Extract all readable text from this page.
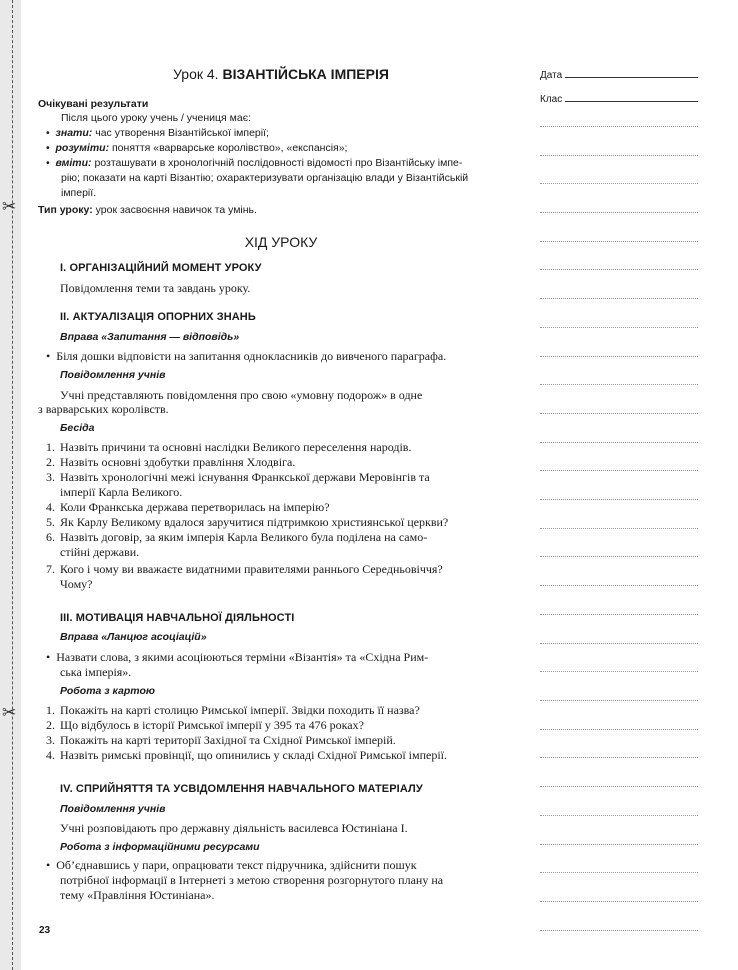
✂
✂
Урок 4. ВІЗАНТІЙСЬКА ІМПЕРІЯ
Очікувані результати
Після цього уроку учень / учениця має:
•  знати: час утворення Візантійської імперії;
•  розуміти: поняття «варварське королівство», «експансія»;
•  вміти: розташувати в хронологічній послідовності відомості про Візантійську імпе-
рію; показати на карті Візантію; охарактеризувати організацію влади у Візантійській
імперії.
Тип уроку: урок засвоєння навичок та умінь.
ХІД УРОКУ
I. ОРГАНІЗАЦІЙНИЙ МОМЕНТ УРОКУ
Повідомлення теми та завдань уроку.
II. АКТУАЛІЗАЦІЯ ОПОРНИХ ЗНАНЬ
Вправа «Запитання — відповідь»
•  Біля дошки відповісти на запитання однокласників до вивченого параграфа.
Повідомлення учнів
Учні представляють повідомлення про свою «умовну подорож» в одне
з варварських королівств.
Бесіда
1. Назвіть причини та основні наслідки Великого переселення народів.
2. Назвіть основні здобутки правління Хлодвіга.
3. Назвіть хронологічні межі існування Франкської держави Меровінгів та
імперії Карла Великого.
4. Коли Франкська держава перетворилась на імперію?
5. Як Карлу Великому вдалося заручитися підтримкою християнської церкви?
6. Назвіть договір, за яким імперія Карла Великого була поділена на само-
стійні держави.
7. Кого і чому ви вважаєте видатними правителями раннього Середньовіччя?
Чому?
III. МОТИВАЦІЯ НАВЧАЛЬНОЇ ДІЯЛЬНОСТІ
Вправа «Ланцюг асоціацій»
•  Назвати слова, з якими асоціюються терміни «Візантія» та «Східна Рим-
ська імперія».
Робота з картою
1. Покажіть на карті столицю Римської імперії. Звідки походить її назва?
2. Що відбулось в історії Римської імперії у 395 та 476 роках?
3. Покажіть на карті території Західної та Східної Римської імперій.
4. Назвіть римські провінції, що опинились у складі Східної Римської імперії.
IV. СПРИЙНЯТТЯ ТА УСВІДОМЛЕННЯ НАВЧАЛЬНОГО МАТЕРІАЛУ
Повідомлення учнів
Учні розповідають про державну діяльність василевса Юстиніана I.
Робота з інформаційними ресурсами
•  Об’єднавшись у пари, опрацювати текст підручника, здійснити пошук
потрібної інформації в Інтернеті з метою створення розгорнутого плану на
тему «Правління Юстиніана».
Дата
Клас
23
